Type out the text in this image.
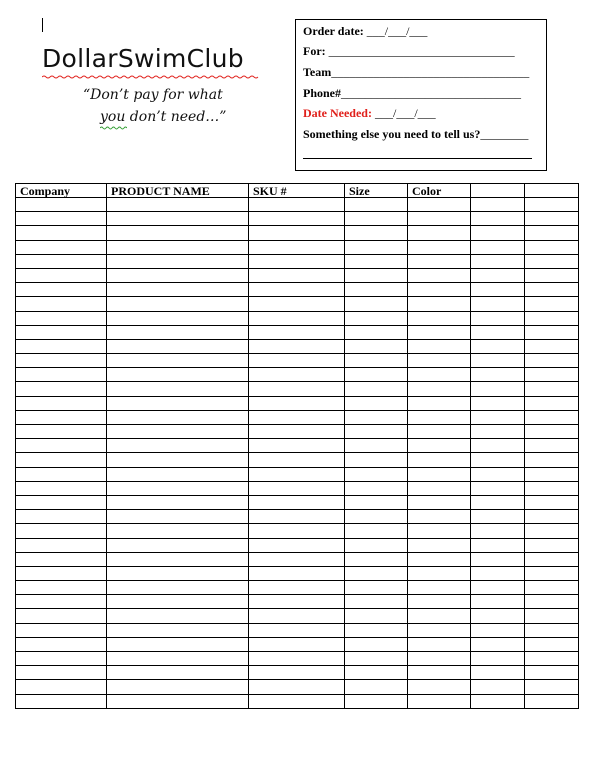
DollarSwimClub
“Don’t pay for what
you don’t need…”
Order date: ___/___/___
For: _______________________________
Team_________________________________
Phone#______________________________
Date Needed: ___/___/___
Something else you need to tell us?________
Company	PRODUCT NAME	SKU #	Size	Color		
